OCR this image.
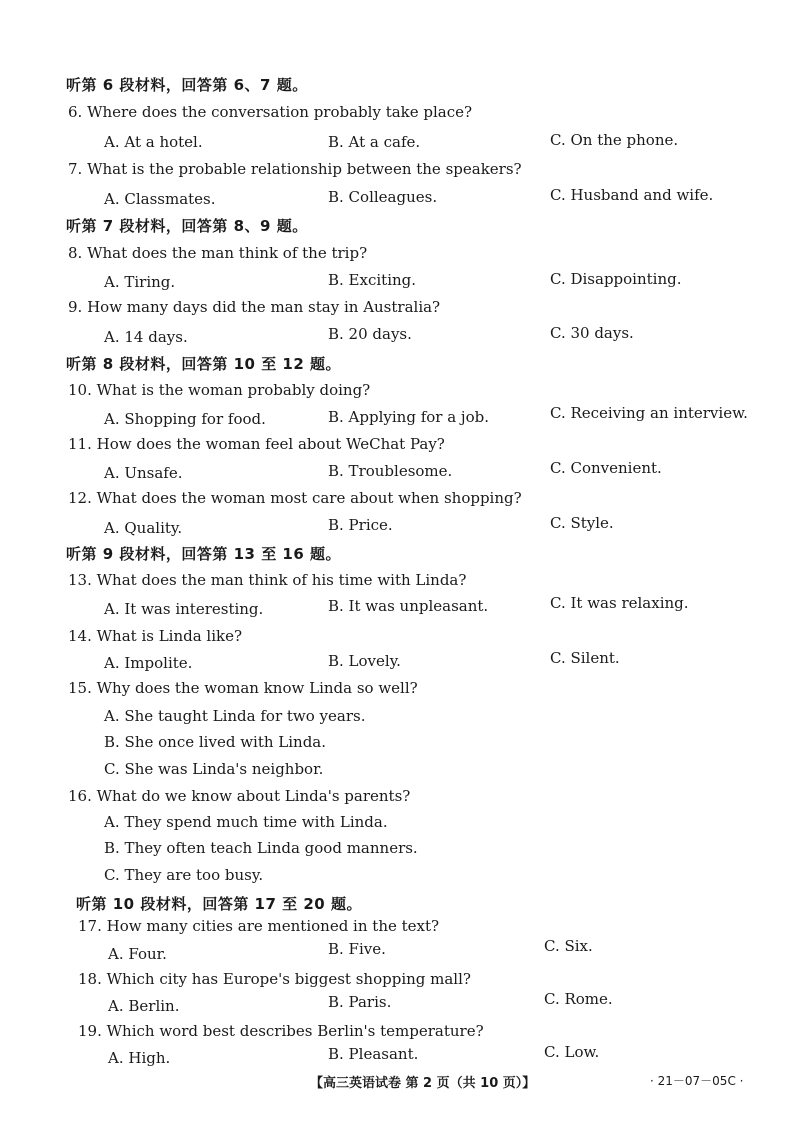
听第 6 段材料，回答第 6、7 题。
6. Where does the conversation probably take place?
A. At a hotel.	B. At a cafe.	C. On the phone.
7. What is the probable relationship between the speakers?
A. Classmates.	B. Colleagues.	C. Husband and wife.
听第 7 段材料，回答第 8、9 题。
8. What does the man think of the trip?
A. Tiring.	B. Exciting.	C. Disappointing.
9. How many days did the man stay in Australia?
A. 14 days.	B. 20 days.	C. 30 days.
听第 8 段材料，回答第 10 至 12 题。
10. What is the woman probably doing?
A. Shopping for food.	B. Applying for a job.	C. Receiving an interview.
11. How does the woman feel about WeChat Pay?
A. Unsafe.	B. Troublesome.	C. Convenient.
12. What does the woman most care about when shopping?
A. Quality.	B. Price.	C. Style.
听第 9 段材料，回答第 13 至 16 题。
13. What does the man think of his time with Linda?
A. It was interesting.	B. It was unpleasant.	C. It was relaxing.
14. What is Linda like?
A. Impolite.	B. Lovely.	C. Silent.
15. Why does the woman know Linda so well?
A. She taught Linda for two years.
B. She once lived with Linda.
C. She was Linda's neighbor.
16. What do we know about Linda's parents?
A. They spend much time with Linda.
B. They often teach Linda good manners.
C. They are too busy.
听第 10 段材料，回答第 17 至 20 题。
17. How many cities are mentioned in the text?
A. Four.	B. Five.	C. Six.
18. Which city has Europe's biggest shopping mall?
A. Berlin.	B. Paris.	C. Rome.
19. Which word best describes Berlin's temperature?
A. High.	B. Pleasant.	C. Low.
【高三英语试卷 第 2 页（共 10 页）】	· 21－07－05C ·
